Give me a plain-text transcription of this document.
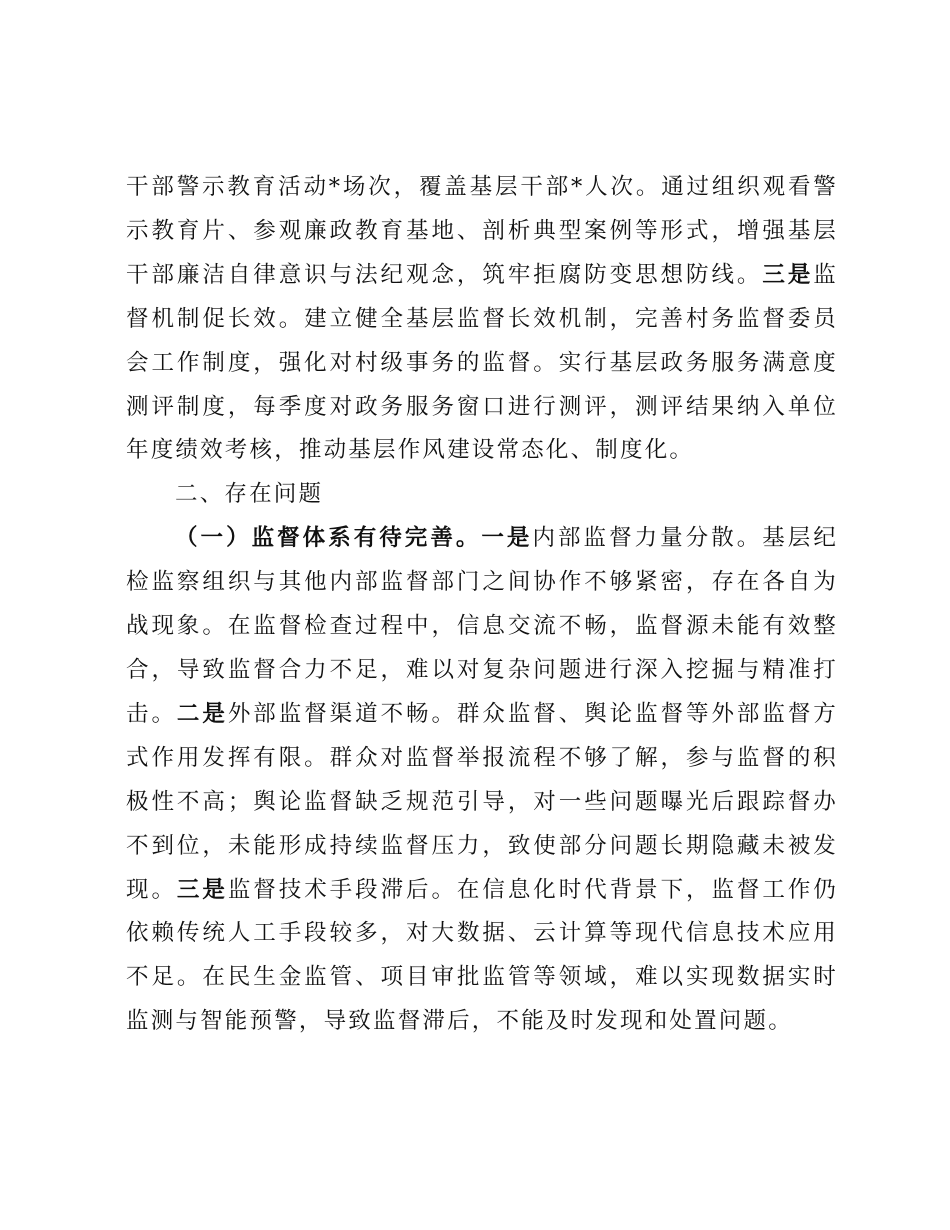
干部警示教育活动*场次，覆盖基层干部*人次。通过组织观看警示教育片、参观廉政教育基地、剖析典型案例等形式，增强基层干部廉洁自律意识与法纪观念，筑牢拒腐防变思想防线。三是监督机制促长效。建立健全基层监督长效机制，完善村务监督委员会工作制度，强化对村级事务的监督。实行基层政务服务满意度测评制度，每季度对政务服务窗口进行测评，测评结果纳入单位年度绩效考核，推动基层作风建设常态化、制度化。

二、存在问题

（一）监督体系有待完善。一是内部监督力量分散。基层纪检监察组织与其他内部监督部门之间协作不够紧密，存在各自为战现象。在监督检查过程中，信息交流不畅，监督源未能有效整合，导致监督合力不足，难以对复杂问题进行深入挖掘与精准打击。二是外部监督渠道不畅。群众监督、舆论监督等外部监督方式作用发挥有限。群众对监督举报流程不够了解，参与监督的积极性不高；舆论监督缺乏规范引导，对一些问题曝光后跟踪督办不到位，未能形成持续监督压力，致使部分问题长期隐藏未被发现。三是监督技术手段滞后。在信息化时代背景下，监督工作仍依赖传统人工手段较多，对大数据、云计算等现代信息技术应用不足。在民生金监管、项目审批监管等领域，难以实现数据实时监测与智能预警，导致监督滞后，不能及时发现和处置问题。
